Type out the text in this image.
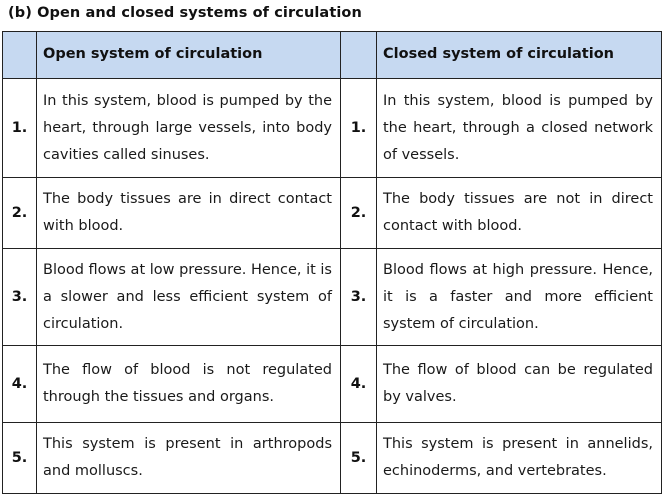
(b) Open and closed systems of circulation
	Open system of circulation		Closed system of circulation
1.	In this system, blood is pumped by the heart, through large vessels, into body cavities called sinuses.	1.	In this system, blood is pumped by the heart, through a closed network of vessels.
2.	The body tissues are in direct contact with blood.	2.	The body tissues are not in direct contact with blood.
3.	Blood flows at low pressure. Hence, it is a slower and less efficient system of circulation.	3.	Blood flows at high pressure. Hence, it is a faster and more efficient system of circulation.
4.	The flow of blood is not regulated through the tissues and organs.	4.	The flow of blood can be regulated by valves.
5.	This system is present in arthropods and molluscs.	5.	This system is present in annelids, echinoderms, and vertebrates.
